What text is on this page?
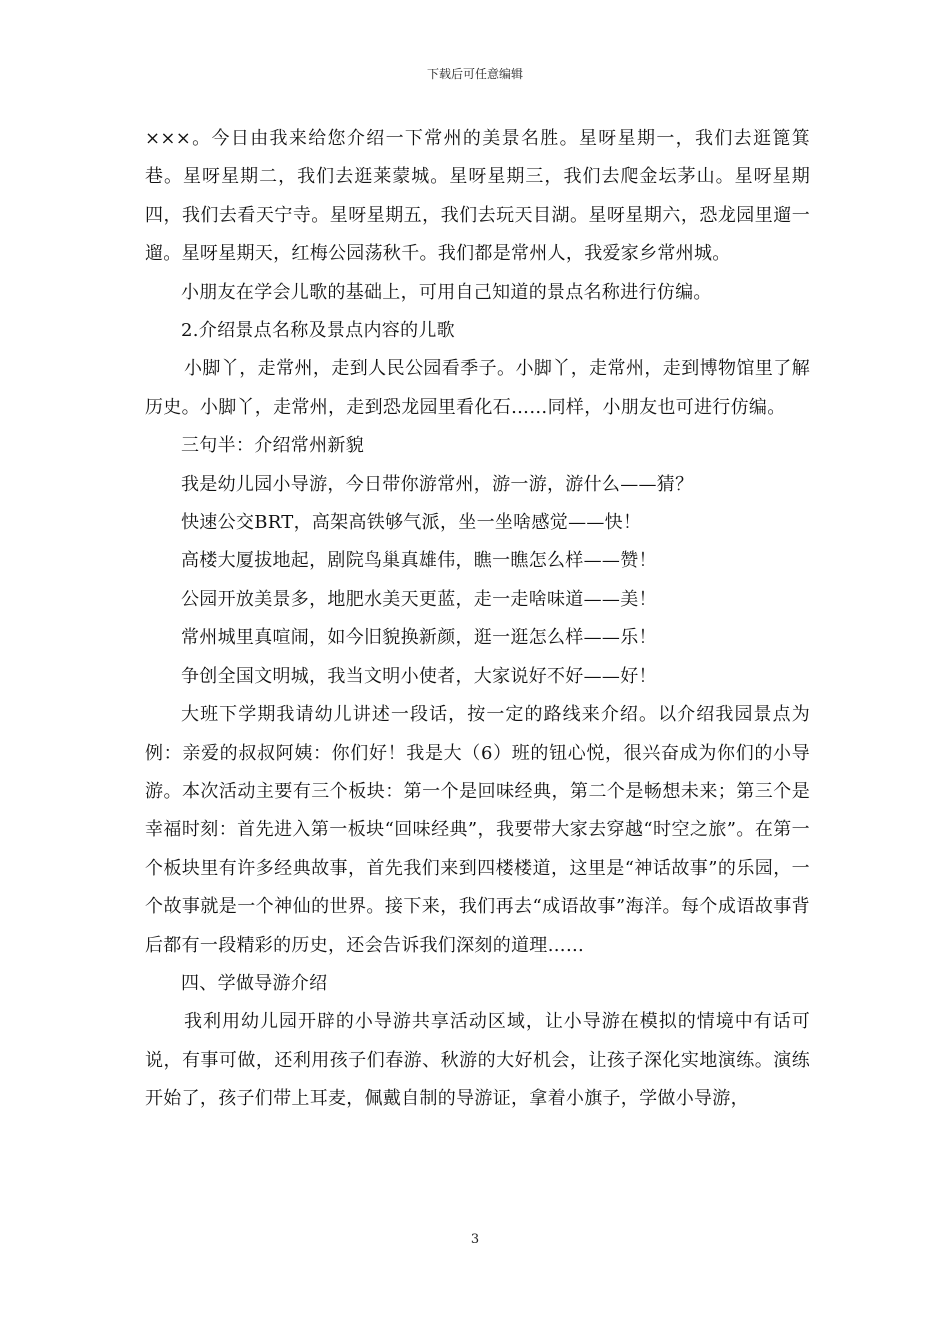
下载后可任意编辑

×××。今日由我来给您介绍一下常州的美景名胜。星呀星期一，我们去逛篦箕巷。星呀星期二，我们去逛莱蒙城。星呀星期三，我们去爬金坛茅山。星呀星期四，我们去看天宁寺。星呀星期五，我们去玩天目湖。星呀星期六，恐龙园里遛一遛。星呀星期天，红梅公园荡秋千。我们都是常州人，我爱家乡常州城。

小朋友在学会儿歌的基础上，可用自己知道的景点名称进行仿编。

2.介绍景点名称及景点内容的儿歌

小脚丫，走常州，走到人民公园看季子。小脚丫，走常州，走到博物馆里了解历史。小脚丫，走常州，走到恐龙园里看化石……同样，小朋友也可进行仿编。

三句半：介绍常州新貌

我是幼儿园小导游，今日带你游常州，游一游，游什么——猜？

快速公交BRT，高架高铁够气派，坐一坐啥感觉——快！

高楼大厦拔地起，剧院鸟巢真雄伟，瞧一瞧怎么样——赞！

公园开放美景多，地肥水美天更蓝，走一走啥味道——美！

常州城里真喧闹，如今旧貌换新颜，逛一逛怎么样——乐！

争创全国文明城，我当文明小使者，大家说好不好——好！

大班下学期我请幼儿讲述一段话，按一定的路线来介绍。以介绍我园景点为例：亲爱的叔叔阿姨：你们好！我是大（6）班的钮心悦，很兴奋成为你们的小导游。本次活动主要有三个板块：第一个是回味经典，第二个是畅想未来；第三个是幸福时刻：首先进入第一板块“回味经典”，我要带大家去穿越“时空之旅”。在第一个板块里有许多经典故事，首先我们来到四楼楼道，这里是“神话故事”的乐园，一个故事就是一个神仙的世界。接下来，我们再去“成语故事”海洋。每个成语故事背后都有一段精彩的历史，还会告诉我们深刻的道理……

四、学做导游介绍

我利用幼儿园开辟的小导游共享活动区域，让小导游在模拟的情境中有话可说，有事可做，还利用孩子们春游、秋游的大好机会，让孩子深化实地演练。演练开始了，孩子们带上耳麦，佩戴自制的导游证，拿着小旗子，学做小导游，

3
